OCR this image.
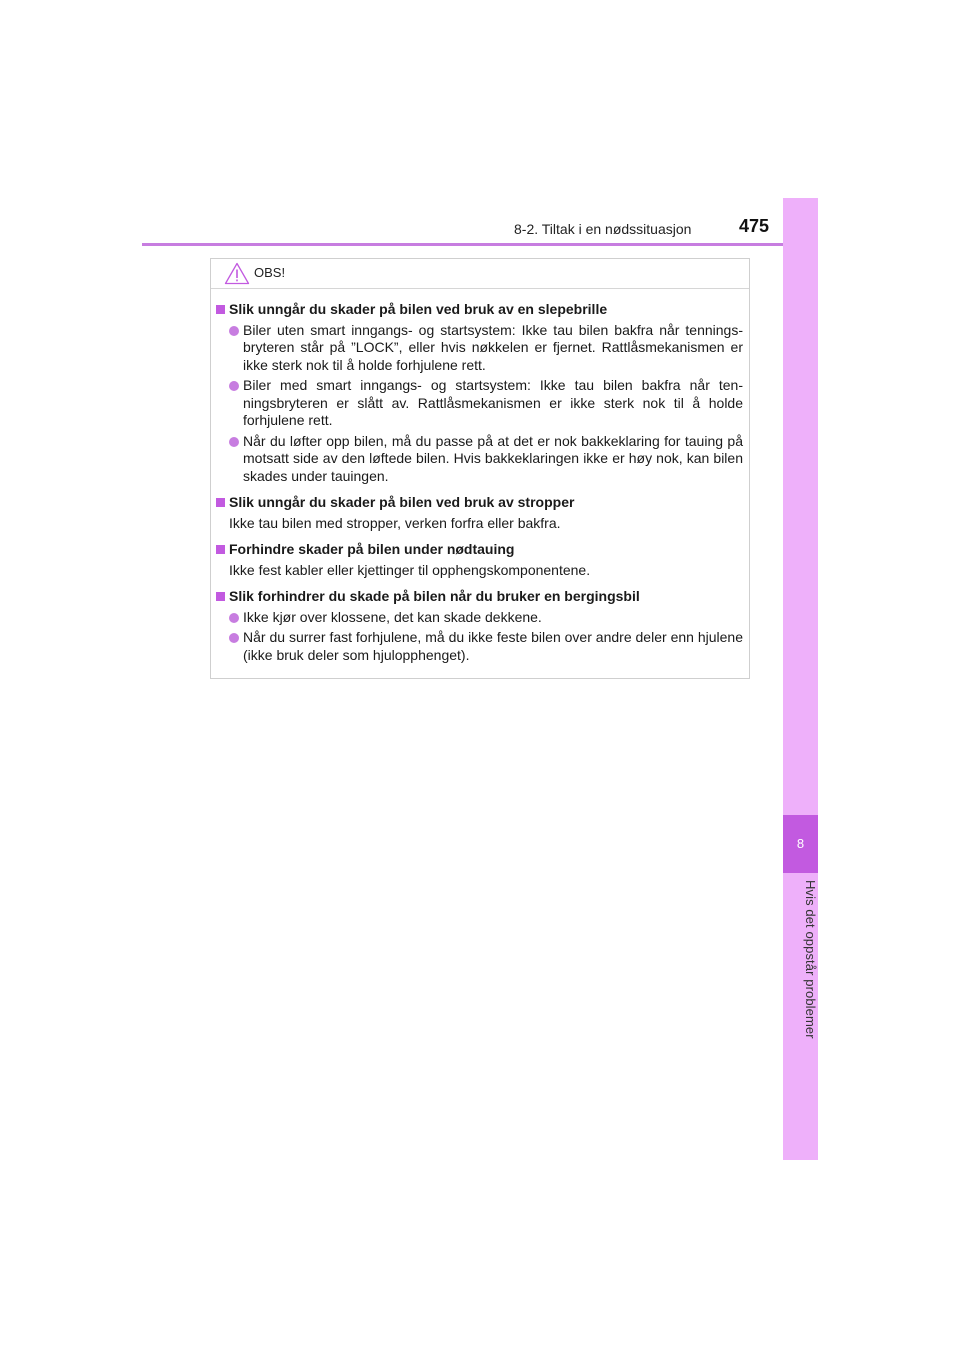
8-2. Tiltak i en nødssituasjon	475
8
Hvis det oppstår problemer
OBS!
Slik unngår du skader på bilen ved bruk av en slepebrille
Biler uten smart inngangs- og startsystem: Ikke tau bilen bakfra når tennings-bryteren står på ”LOCK”, eller hvis nøkkelen er fjernet. Rattlåsmekanismen er ikke sterk nok til å holde forhjulene rett.
Biler med smart inngangs- og startsystem: Ikke tau bilen bakfra når ten-ningsbryteren er slått av. Rattlåsmekanismen er ikke sterk nok til å holde forhjulene rett.
Når du løfter opp bilen, må du passe på at det er nok bakkeklaring for tauing på motsatt side av den løftede bilen. Hvis bakkeklaringen ikke er høy nok, kan bilen skades under tauingen.
Slik unngår du skader på bilen ved bruk av stropper
Ikke tau bilen med stropper, verken forfra eller bakfra.
Forhindre skader på bilen under nødtauing
Ikke fest kabler eller kjettinger til opphengskomponentene.
Slik forhindrer du skade på bilen når du bruker en bergingsbil
Ikke kjør over klossene, det kan skade dekkene.
Når du surrer fast forhjulene, må du ikke feste bilen over andre deler enn hjulene (ikke bruk deler som hjulopphenget).
